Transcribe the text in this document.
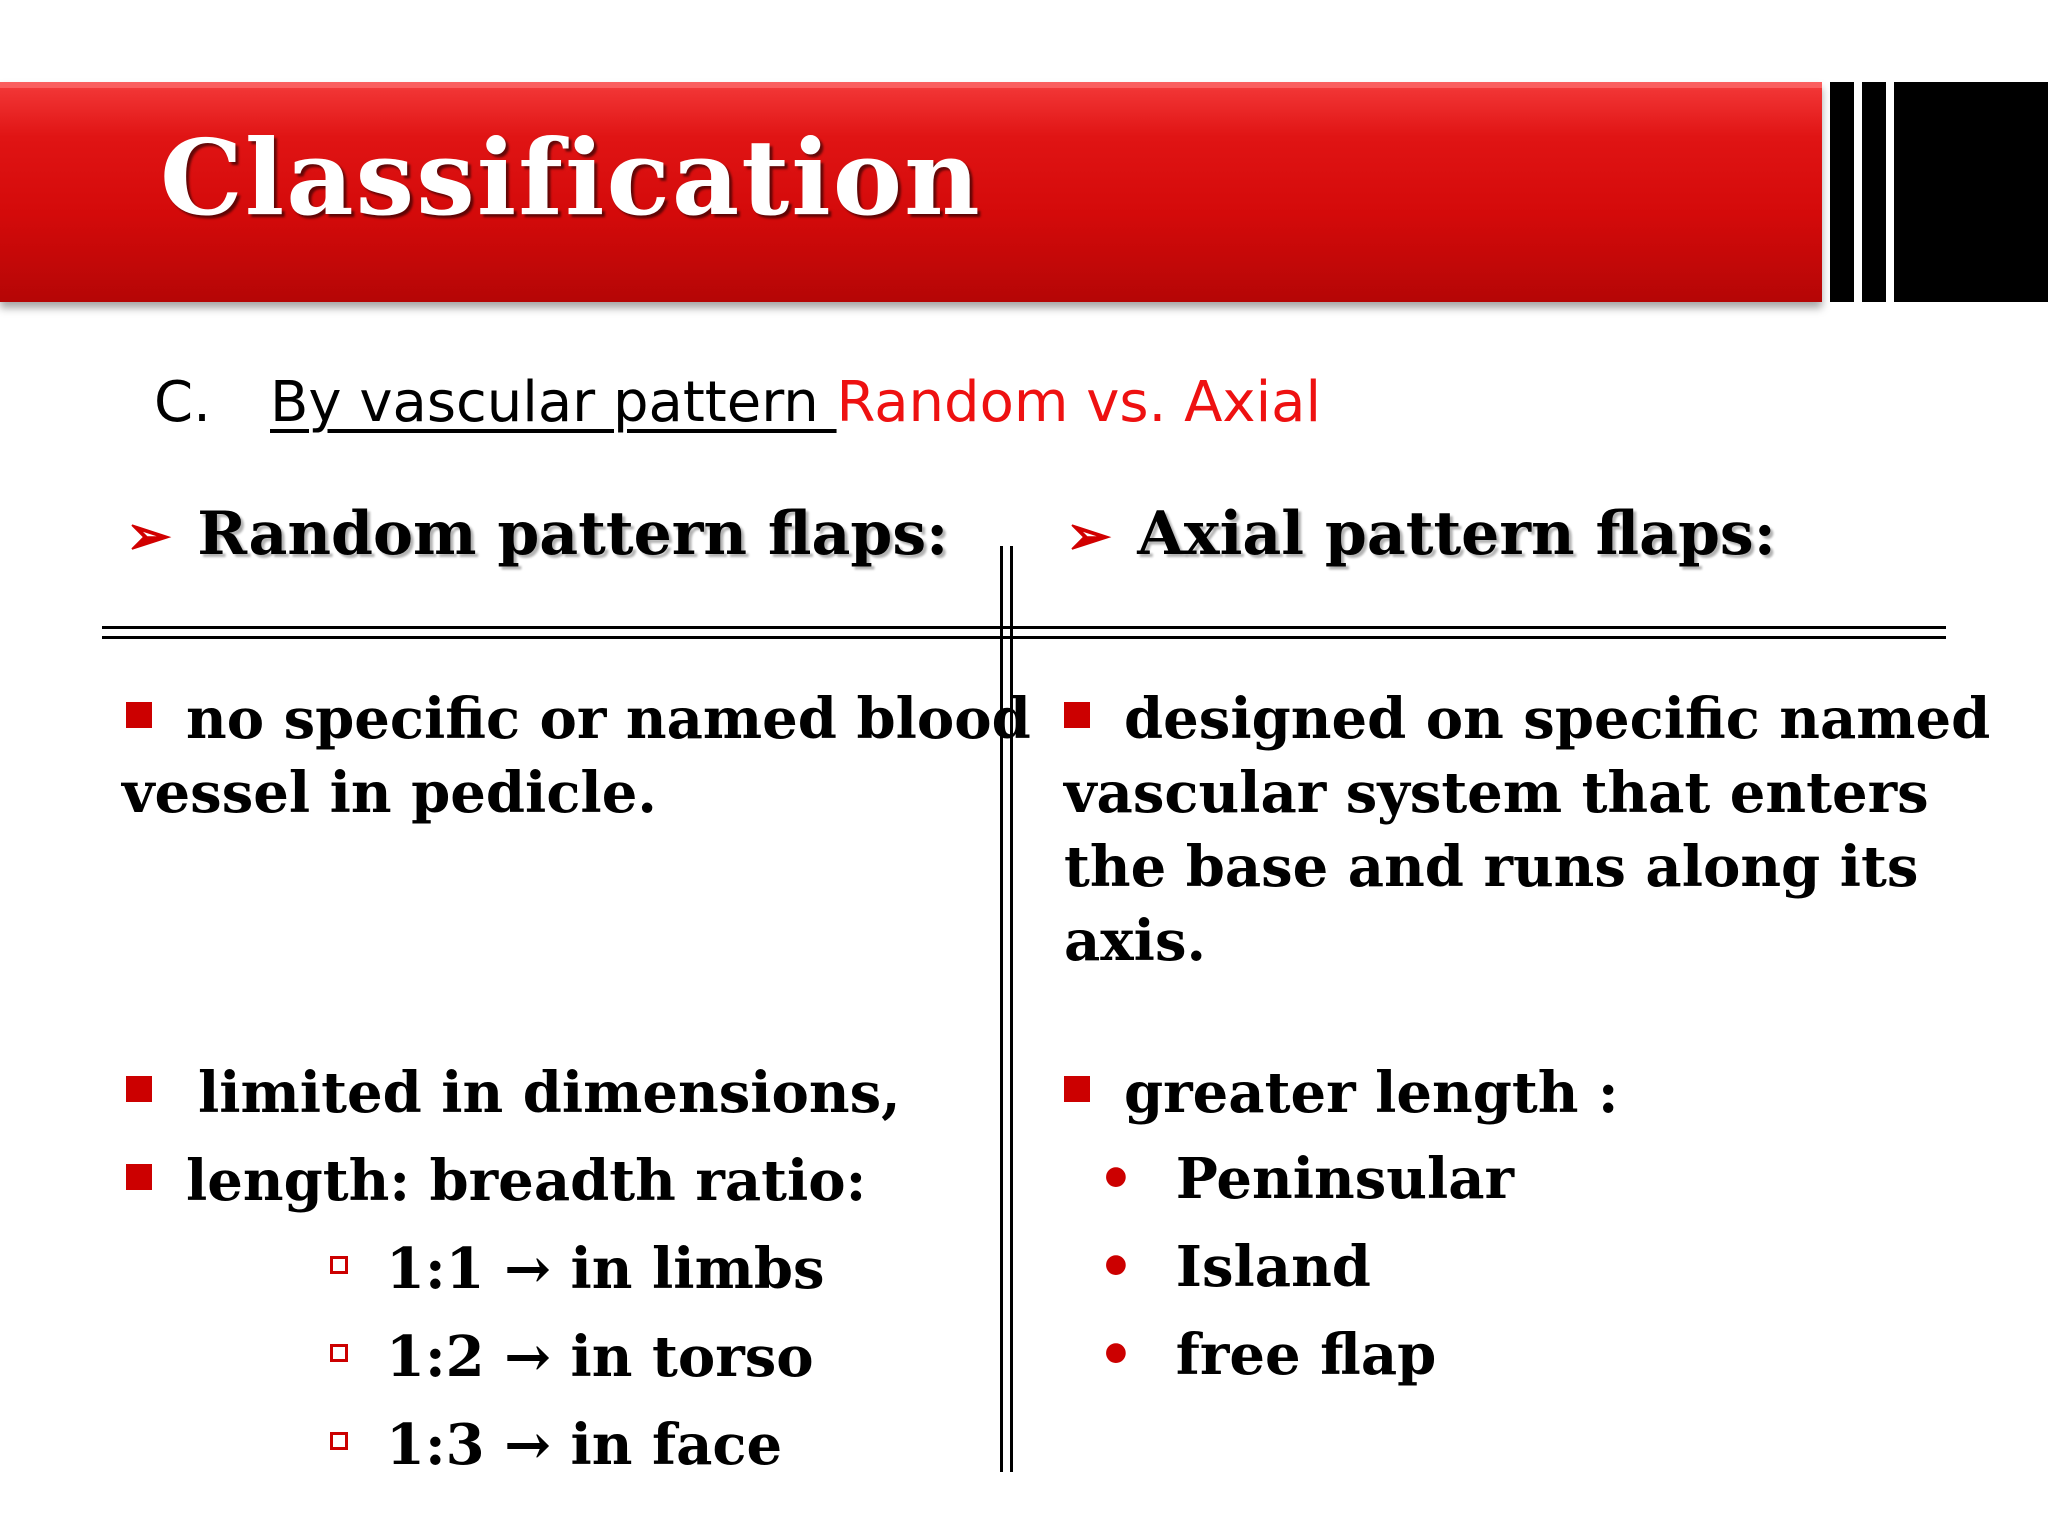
Classification
C. By vascular pattern Random vs. Axial
➢ Random pattern flaps: ➢ Axial pattern flaps:
no specific or named blood
vessel in pedicle.
limited in dimensions,
length: breadth ratio:
1:1 → in limbs
1:2 → in torso
1:3 → in face
designed on specific named
vascular system that enters
the base and runs along its
axis.
greater length :
• Peninsular
• Island
• free flap
